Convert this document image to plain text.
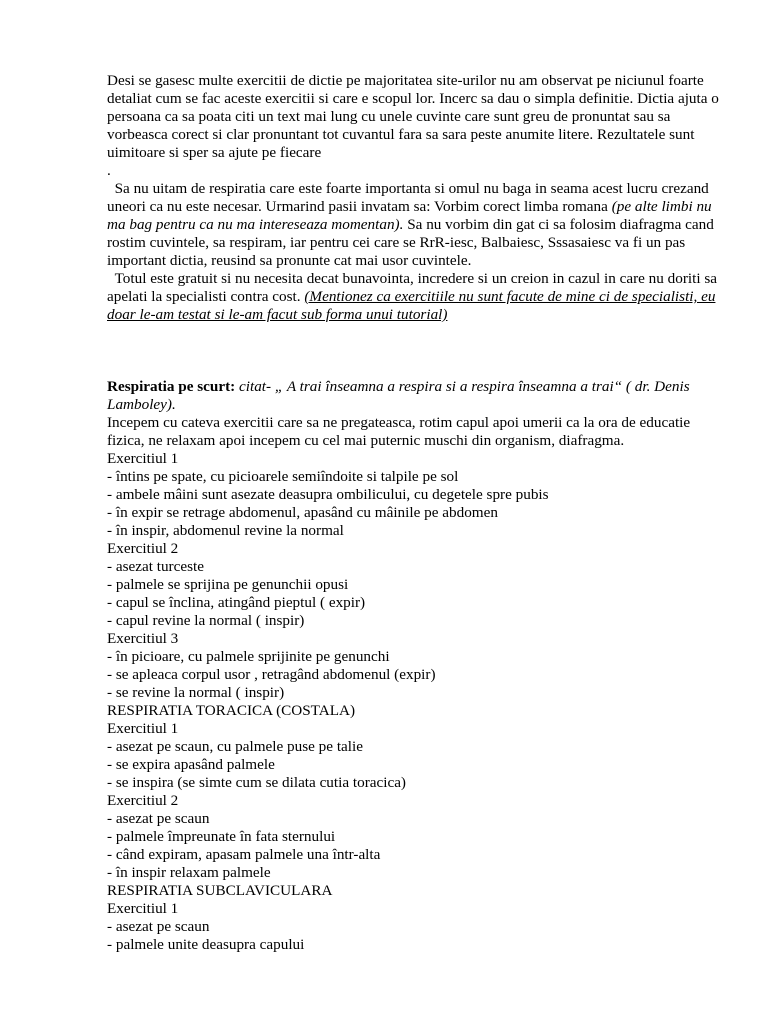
Desi se gasesc multe exercitii de dictie pe majoritatea site-urilor nu am observat pe niciunul foarte detaliat cum se fac aceste exercitii si care e scopul lor. Incerc sa dau o simpla definitie. Dictia ajuta o persoana ca sa poata citi un text mai lung cu unele cuvinte care sunt greu de pronuntat sau sa vorbeasca corect si clar pronuntant tot cuvantul fara sa sara peste anumite litere. Rezultatele sunt uimitoare si sper sa ajute pe fiecare

.

Sa nu uitam de respiratia care este foarte importanta si omul nu baga in seama acest lucru crezand uneori ca nu este necesar. Urmarind pasii invatam sa: Vorbim corect limba romana (pe alte limbi nu ma bag pentru ca nu ma intereseaza momentan). Sa nu vorbim din gat ci sa folosim diafragma cand rostim cuvintele, sa respiram, iar pentru cei care se RrR-iesc, Balbaiesc, Sssasaiesc va fi un pas important dictia, reusind sa pronunte cat mai usor cuvintele.

Totul este gratuit si nu necesita decat bunavointa, incredere si un creion in cazul in care nu doriti sa apelati la specialisti contra cost. (Mentionez ca exercitiile nu sunt facute de mine ci de specialisti, eu doar le-am testat si le-am facut sub forma unui tutorial)

Respiratia pe scurt: citat- „ A trai înseamna a respira si a respira înseamna a trai“ ( dr. Denis Lamboley).

Incepem cu cateva exercitii care sa ne pregateasca, rotim capul apoi umerii ca la ora de educatie fizica, ne relaxam apoi incepem cu cel mai puternic muschi din organism, diafragma.

Exercitiul 1
- întins pe spate, cu picioarele semiîndoite si talpile pe sol
- ambele mâini sunt asezate deasupra ombilicului, cu degetele spre pubis
- în expir se retrage abdomenul, apasând cu mâinile pe abdomen
- în inspir, abdomenul revine la normal
Exercitiul 2
- asezat turceste
- palmele se sprijina pe genunchii opusi
- capul se înclina, atingând pieptul ( expir)
- capul revine la normal ( inspir)
Exercitiul 3
- în picioare, cu palmele sprijinite pe genunchi
- se apleaca corpul usor , retragând abdomenul (expir)
- se revine la normal ( inspir)
RESPIRATIA TORACICA (COSTALA)
Exercitiul 1
- asezat pe scaun, cu palmele puse pe talie
- se expira apasând palmele
- se inspira (se simte cum se dilata cutia toracica)
Exercitiul 2
- asezat pe scaun
- palmele împreunate în fata sternului
- când expiram, apasam palmele una într-alta
- în inspir relaxam palmele
RESPIRATIA SUBCLAVICULARA
Exercitiul 1
- asezat pe scaun
- palmele unite deasupra capului
